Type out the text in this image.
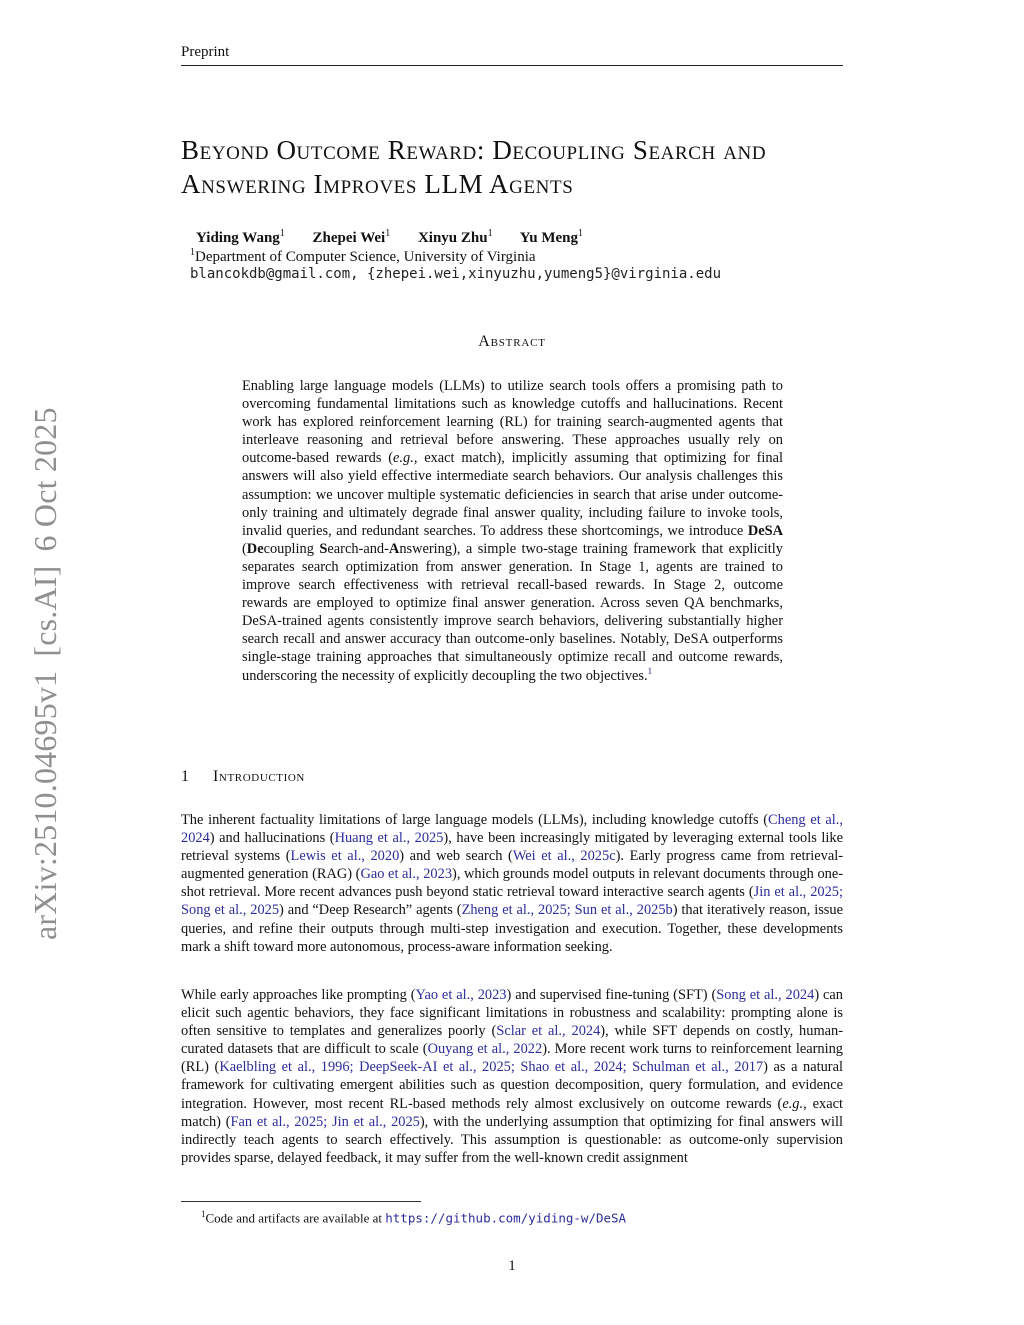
Preprint
arXiv:2510.04695v1[cs.AI]6 Oct 2025
Beyond Outcome Reward: Decoupling Search and Answering Improves LLM Agents
Yiding Wang$^1$ Zhepei Wei$^1$ Xinyu Zhu$^1$ Yu Meng$^1$
$^1$Department of Computer Science, University of Virginia
blancokdb@gmail.com, {zhepei.wei,xinyuzhu,yumeng5}@virginia.edu
Abstract

Enabling large language models (LLMs) to utilize search tools offers a promising path to overcoming fundamental limitations such as knowledge cutoffs and hallucinations. Recent work has explored reinforcement learning (RL) for training search-augmented agents that interleave reasoning and retrieval before answering. These approaches usually rely on outcome-based rewards (e.g., exact match), implicitly assuming that optimizing for final answers will also yield effective intermediate search behaviors. Our analysis challenges this assumption: we uncover multiple systematic deficiencies in search that arise under outcome-only training and ultimately degrade final answer quality, including failure to invoke tools, invalid queries, and redundant searches. To address these shortcomings, we introduce DeSA (Decoupling Search-and-Answering), a simple two-stage training framework that explicitly separates search optimization from answer generation. In Stage 1, agents are trained to improve search effectiveness with retrieval recall-based rewards. In Stage 2, outcome rewards are employed to optimize final answer generation. Across seven QA benchmarks, DeSA-trained agents consistently improve search behaviors, delivering substantially higher search recall and answer accuracy than outcome-only baselines. Notably, DeSA outperforms single-stage training approaches that simultaneously optimize recall and outcome rewards, underscoring the necessity of explicitly decoupling the two objectives.$^1$

1 Introduction

The inherent factuality limitations of large language models (LLMs), including knowledge cutoffs (Cheng et al., 2024) and hallucinations (Huang et al., 2025), have been increasingly mitigated by leveraging external tools like retrieval systems (Lewis et al., 2020) and web search (Wei et al., 2025c). Early progress came from retrieval-augmented generation (RAG) (Gao et al., 2023), which grounds model outputs in relevant documents through one-shot retrieval. More recent advances push beyond static retrieval toward interactive search agents (Jin et al., 2025; Song et al., 2025) and “Deep Research” agents (Zheng et al., 2025; Sun et al., 2025b) that iteratively reason, issue queries, and refine their outputs through multi-step investigation and execution. Together, these developments mark a shift toward more autonomous, process-aware information seeking.

While early approaches like prompting (Yao et al., 2023) and supervised fine-tuning (SFT) (Song et al., 2024) can elicit such agentic behaviors, they face significant limitations in robustness and scalability: prompting alone is often sensitive to templates and generalizes poorly (Sclar et al., 2024), while SFT depends on costly, human-curated datasets that are difficult to scale (Ouyang et al., 2022). More recent work turns to reinforcement learning (RL) (Kaelbling et al., 1996; DeepSeek-AI et al., 2025; Shao et al., 2024; Schulman et al., 2017) as a natural framework for cultivating emergent abilities such as question decomposition, query formulation, and evidence integration. However, most recent RL-based methods rely almost exclusively on outcome rewards (e.g., exact match) (Fan et al., 2025; Jin et al., 2025), with the underlying assumption that optimizing for final answers will indirectly teach agents to search effectively. This assumption is questionable: as outcome-only supervision provides sparse, delayed feedback, it may suffer from the well-known credit assignment

$^1$Code and artifacts are available at https://github.com/yiding-w/DeSA
1
